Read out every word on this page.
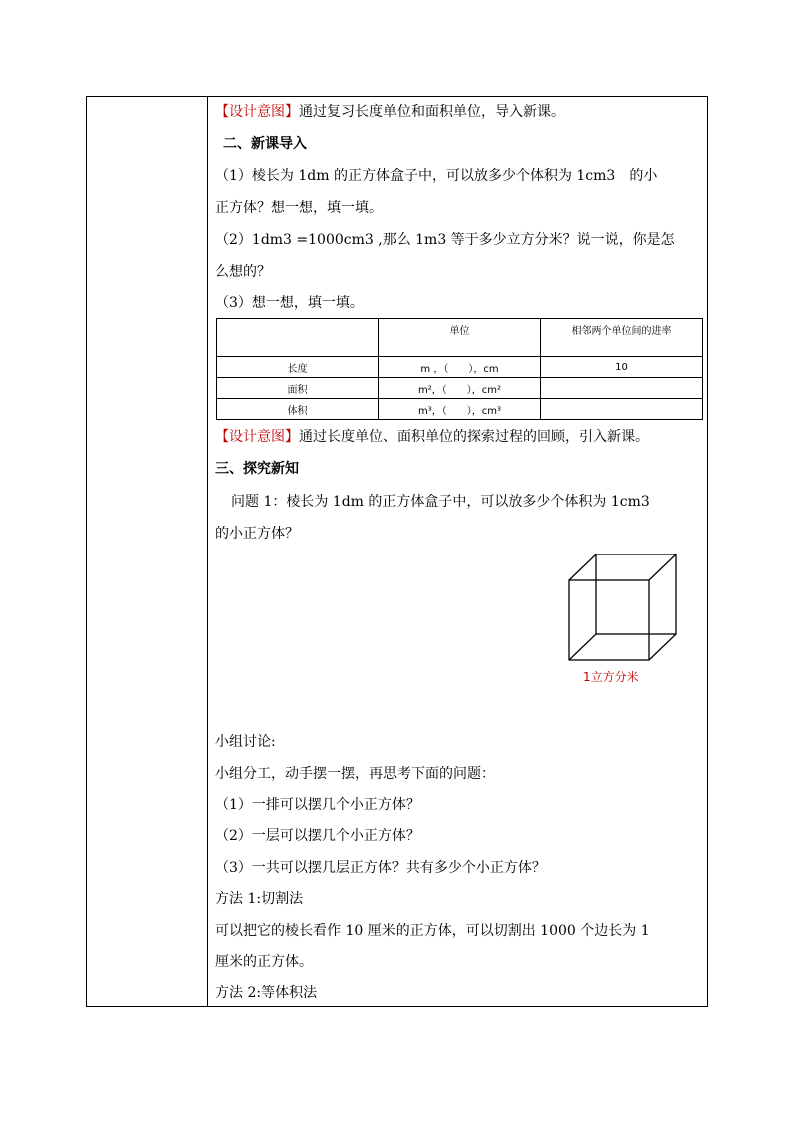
【设计意图】通过复习长度单位和面积单位，导入新课。
二、新课导入
（1）棱长为 1dm 的正方体盒子中，可以放多少个体积为 1cm3　的小
正方体？想一想，填一填。
（2）1dm3 =1000cm3 ,那么 1m3 等于多少立方分米？说一说，你是怎
么想的？
（3）想一想，填一填。
	单位	相邻两个单位间的进率
长度	m ，（　　），cm	10
面积	m²，（　　），cm²	
体积	m³，（　　），cm³	
【设计意图】通过长度单位、面积单位的探索过程的回顾，引入新课。
三、探究新知
问题 1：棱长为 1dm 的正方体盒子中，可以放多少个体积为 1cm3
的小正方体？
小组讨论:
小组分工，动手摆一摆，再思考下面的问题：
（1）一排可以摆几个小正方体？
（2）一层可以摆几个小正方体？
（3）一共可以摆几层正方体？共有多少个小正方体？
方法 1:切割法
可以把它的棱长看作 10 厘米的正方体，可以切割出 1000 个边长为 1
厘米的正方体。
方法 2:等体积法
1立方分米
